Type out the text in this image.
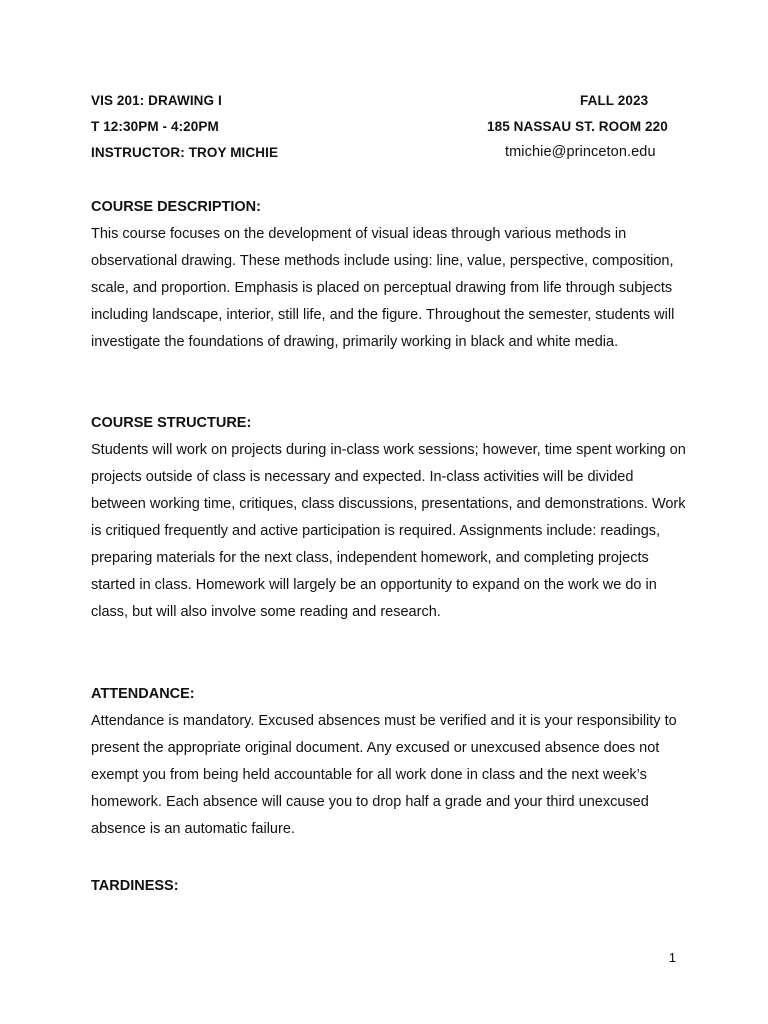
VIS 201: DRAWING I	FALL 2023
T 12:30PM - 4:20PM	185 NASSAU ST. ROOM 220
INSTRUCTOR: TROY MICHIE	tmichie@princeton.edu
COURSE DESCRIPTION:

This course focuses on the development of visual ideas through various methods in observational drawing. These methods include using: line, value, perspective, composition, scale, and proportion. Emphasis is placed on perceptual drawing from life through subjects including landscape, interior, still life, and the figure. Throughout the semester, students will investigate the foundations of drawing, primarily working in black and white media.

COURSE STRUCTURE:

Students will work on projects during in-class work sessions; however, time spent working on projects outside of class is necessary and expected. In-class activities will be divided between working time, critiques, class discussions, presentations, and demonstrations. Work is critiqued frequently and active participation is required. Assignments include: readings, preparing materials for the next class, independent homework, and completing projects started in class. Homework will largely be an opportunity to expand on the work we do in class, but will also involve some reading and research.

ATTENDANCE:

Attendance is mandatory. Excused absences must be verified and it is your responsibility to present the appropriate original document. Any excused or unexcused absence does not exempt you from being held accountable for all work done in class and the next week’s homework. Each absence will cause you to drop half a grade and your third unexcused absence is an automatic failure.

TARDINESS:
1
